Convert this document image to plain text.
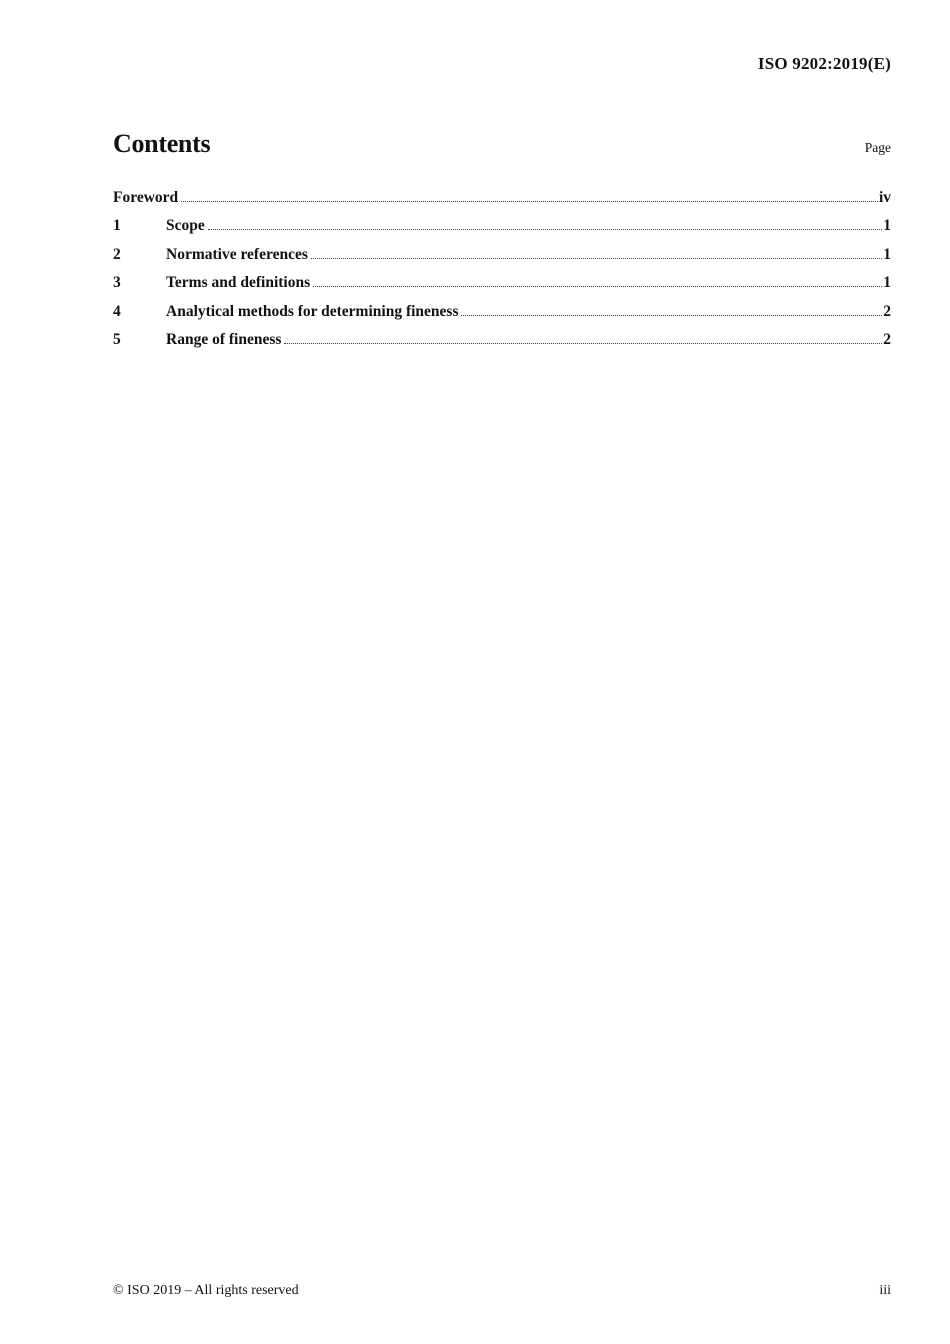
ISO 9202:2019(E)
Contents	Page
Foreword	iv
1	Scope	1
2	Normative references	1
3	Terms and definitions	1
4	Analytical methods for determining fineness	2
5	Range of fineness	2
© ISO 2019 – All rights reserved	iii
